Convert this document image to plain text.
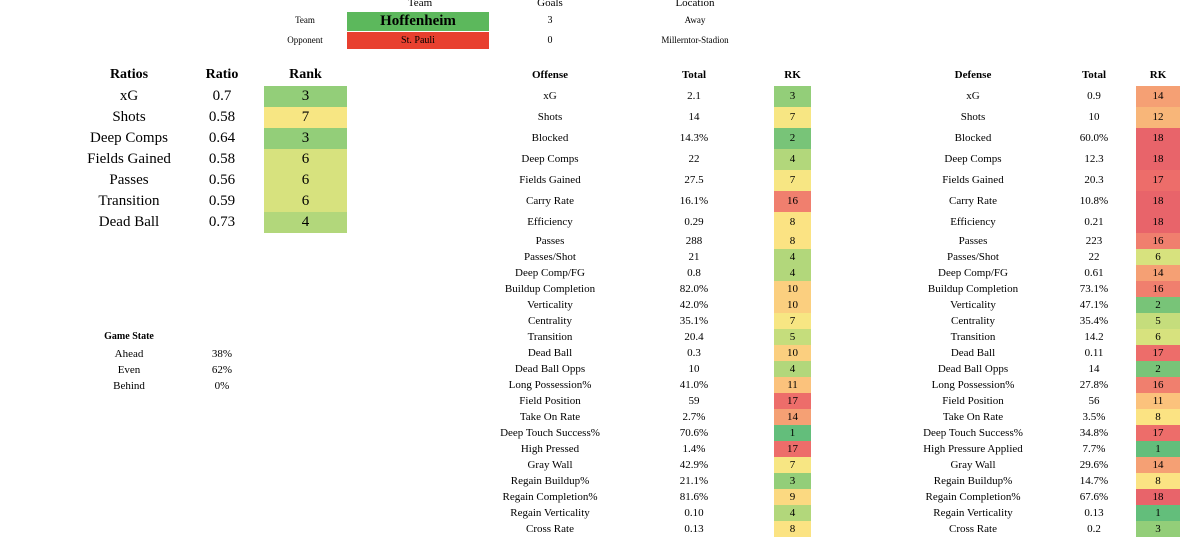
Team	Goals	Location
Team	Hoffenheim	3	Away
Opponent	St. Pauli	0	Millerntor-Stadion
Ratios	Ratio	Rank
xG	0.7	3
Shots	0.58	7
Deep Comps	0.64	3
Fields Gained	0.58	6
Passes	0.56	6
Transition	0.59	6
Dead Ball	0.73	4
Game State
Ahead	38%
Even	62%
Behind	0%
Offense	Total	RK
xG	2.1	3
Shots	14	7
Blocked	14.3%	2
Deep Comps	22	4
Fields Gained	27.5	7
Carry Rate	16.1%	16
Efficiency	0.29	8
Passes	288	8
Passes/Shot	21	4
Deep Comp/FG	0.8	4
Buildup Completion	82.0%	10
Verticality	42.0%	10
Centrality	35.1%	7
Transition	20.4	5
Dead Ball	0.3	10
Dead Ball Opps	10	4
Long Possession%	41.0%	11
Field Position	59	17
Take On Rate	2.7%	14
Deep Touch Success%	70.6%	1
High Pressed	1.4%	17
Gray Wall	42.9%	7
Regain Buildup%	21.1%	3
Regain Completion%	81.6%	9
Regain Verticality	0.10	4
Cross Rate	0.13	8
Defense	Total	RK
xG	0.9	14
Shots	10	12
Blocked	60.0%	18
Deep Comps	12.3	18
Fields Gained	20.3	17
Carry Rate	10.8%	18
Efficiency	0.21	18
Passes	223	16
Passes/Shot	22	6
Deep Comp/FG	0.61	14
Buildup Completion	73.1%	16
Verticality	47.1%	2
Centrality	35.4%	5
Transition	14.2	6
Dead Ball	0.11	17
Dead Ball Opps	14	2
Long Possession%	27.8%	16
Field Position	56	11
Take On Rate	3.5%	8
Deep Touch Success%	34.8%	17
High Pressure Applied	7.7%	1
Gray Wall	29.6%	14
Regain Buildup%	14.7%	8
Regain Completion%	67.6%	18
Regain Verticality	0.13	1
Cross Rate	0.2	3
